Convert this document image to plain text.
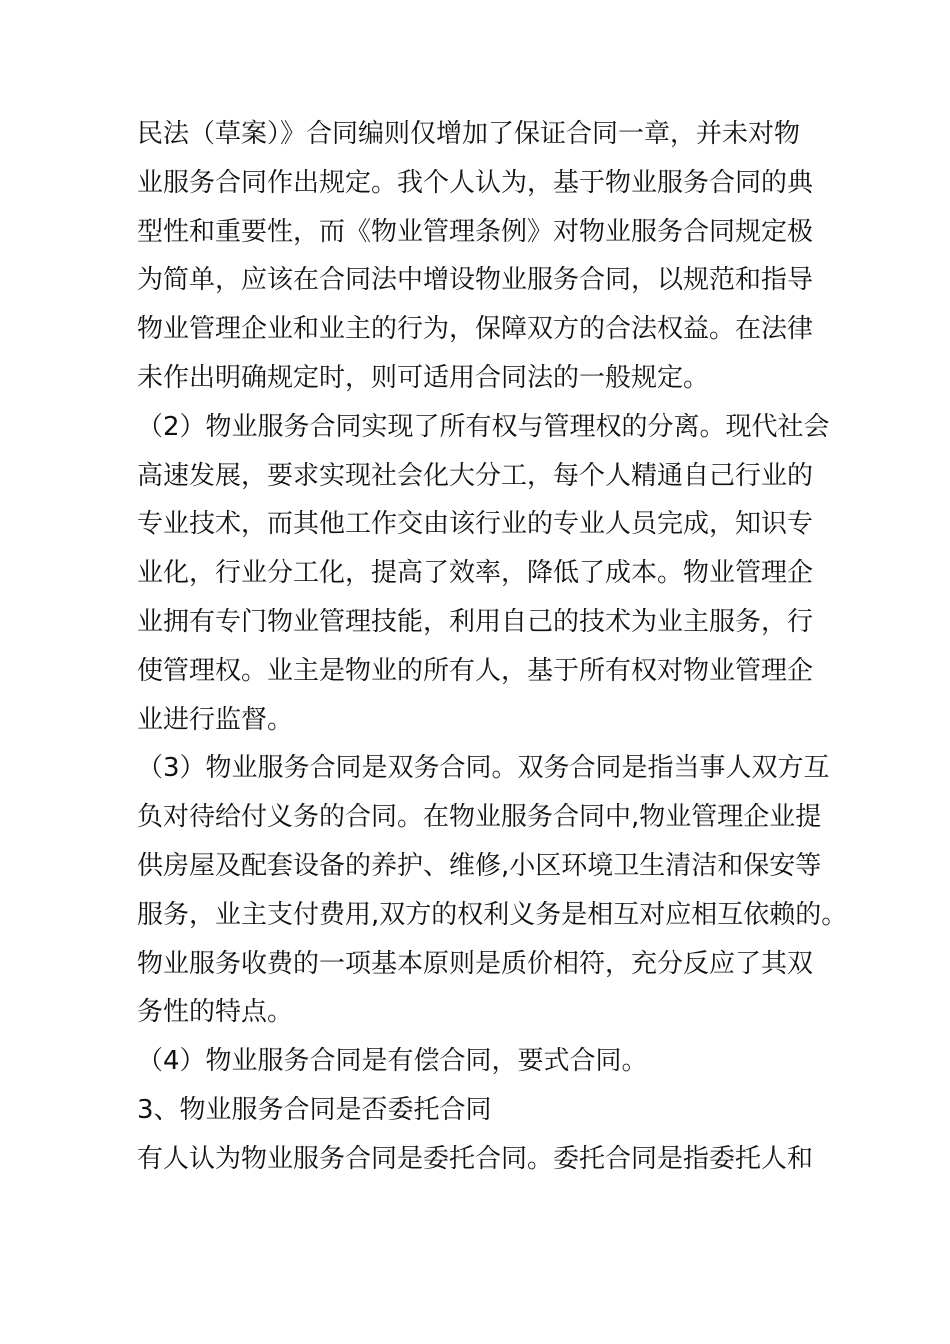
民法（草案）》合同编则仅增加了保证合同一章，并未对物
业服务合同作出规定。我个人认为，基于物业服务合同的典
型性和重要性，而《物业管理条例》对物业服务合同规定极
为简单，应该在合同法中增设物业服务合同，以规范和指导
物业管理企业和业主的行为，保障双方的合法权益。在法律
未作出明确规定时，则可适用合同法的一般规定。
（2）物业服务合同实现了所有权与管理权的分离。现代社会
高速发展，要求实现社会化大分工，每个人精通自己行业的
专业技术，而其他工作交由该行业的专业人员完成，知识专
业化，行业分工化，提高了效率，降低了成本。物业管理企
业拥有专门物业管理技能，利用自己的技术为业主服务，行
使管理权。业主是物业的所有人，基于所有权对物业管理企
业进行监督。
（3）物业服务合同是双务合同。双务合同是指当事人双方互
负对待给付义务的合同。在物业服务合同中,物业管理企业提
供房屋及配套设备的养护、维修,小区环境卫生清洁和保安等
服务，业主支付费用,双方的权利义务是相互对应相互依赖的。
物业服务收费的一项基本原则是质价相符，充分反应了其双
务性的特点。
（4）物业服务合同是有偿合同，要式合同。
3、物业服务合同是否委托合同
有人认为物业服务合同是委托合同。委托合同是指委托人和
